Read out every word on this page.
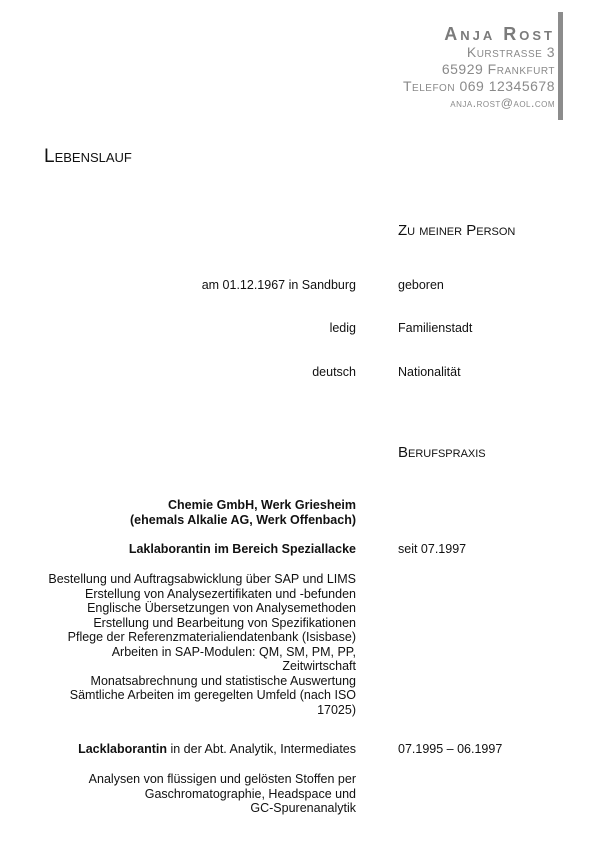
Anja Rost
Kurstrasse 3
65929 Frankfurt
Telefon 069 12345678
anja.rost@aol.com
Lebenslauf
Zu meiner Person
am 01.12.1967 in Sandburg	geboren
ledig	Familienstadt
deutsch	Nationalität
Berufspraxis
Chemie GmbH, Werk Griesheim
(ehemals Alkalie AG, Werk Offenbach)
Laklaborantin im Bereich Speziallacke	seit 07.1997
Bestellung und Auftragsabwicklung über SAP und LIMS
Erstellung von Analysezertifikaten und -befunden
Englische Übersetzungen von Analysemethoden
Erstellung und Bearbeitung von Spezifikationen
Pflege der Referenzmaterialiendatenbank (Isisbase)
Arbeiten in SAP-Modulen: QM, SM, PM, PP,
Zeitwirtschaft
Monatsabrechnung und statistische Auswertung
Sämtliche Arbeiten im geregelten Umfeld (nach ISO
17025)
Lacklaborantin in der Abt. Analytik, Intermediates	07.1995 – 06.1997
Analysen von flüssigen und gelösten Stoffen per
Gaschromatographie, Headspace und
GC-Spurenanalytik
